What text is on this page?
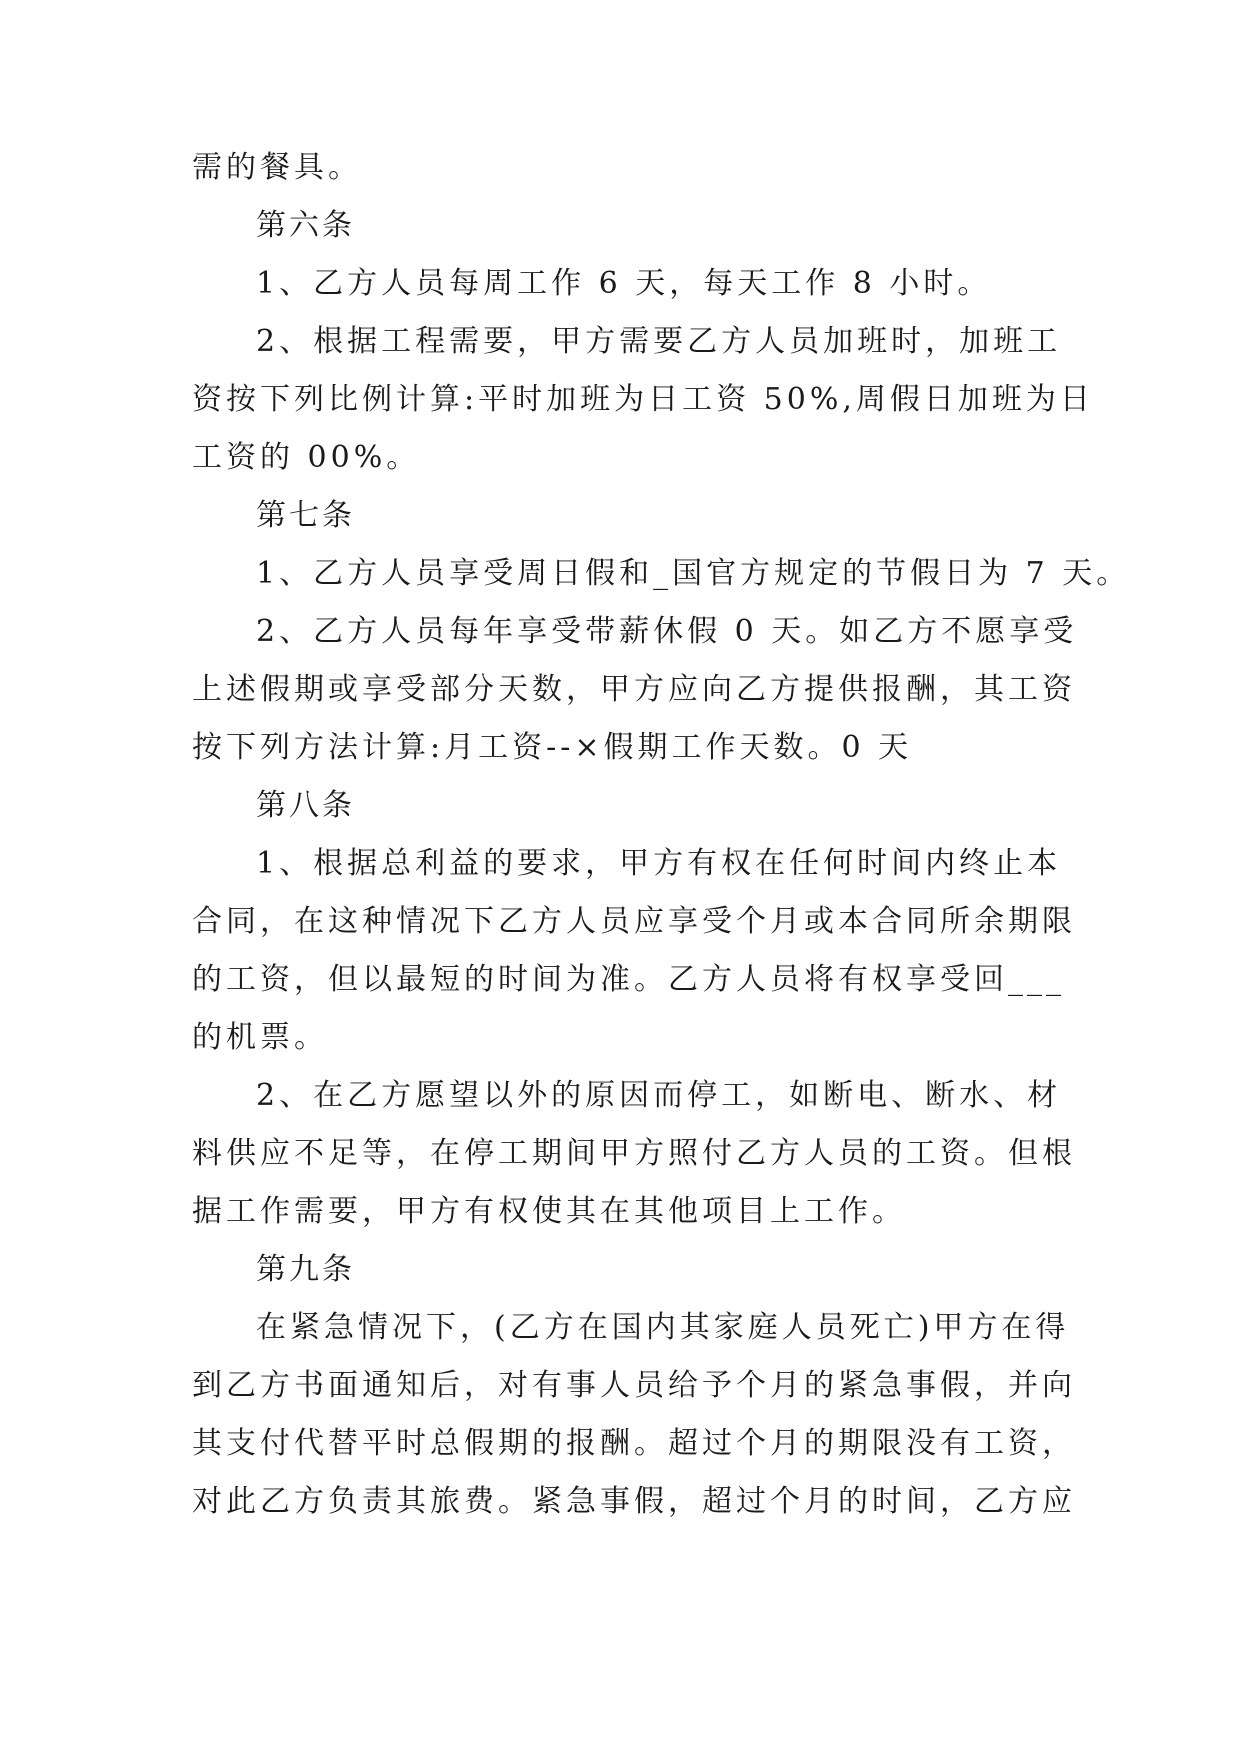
需的餐具。
第六条
1、乙方人员每周工作 6 天，每天工作 8 小时。
2、根据工程需要，甲方需要乙方人员加班时，加班工
资按下列比例计算:平时加班为日工资 50%,周假日加班为日
工资的 00%。
第七条
1、乙方人员享受周日假和_国官方规定的节假日为 7 天。
2、乙方人员每年享受带薪休假 0 天。如乙方不愿享受
上述假期或享受部分天数，甲方应向乙方提供报酬，其工资
按下列方法计算:月工资--×假期工作天数。0 天
第八条
1、根据总利益的要求，甲方有权在任何时间内终止本
合同，在这种情况下乙方人员应享受个月或本合同所余期限
的工资，但以最短的时间为准。乙方人员将有权享受回___
的机票。
2、在乙方愿望以外的原因而停工，如断电、断水、材
料供应不足等，在停工期间甲方照付乙方人员的工资。但根
据工作需要，甲方有权使其在其他项目上工作。
第九条
在紧急情况下，(乙方在国内其家庭人员死亡)甲方在得
到乙方书面通知后，对有事人员给予个月的紧急事假，并向
其支付代替平时总假期的报酬。超过个月的期限没有工资，
对此乙方负责其旅费。紧急事假，超过个月的时间，乙方应
